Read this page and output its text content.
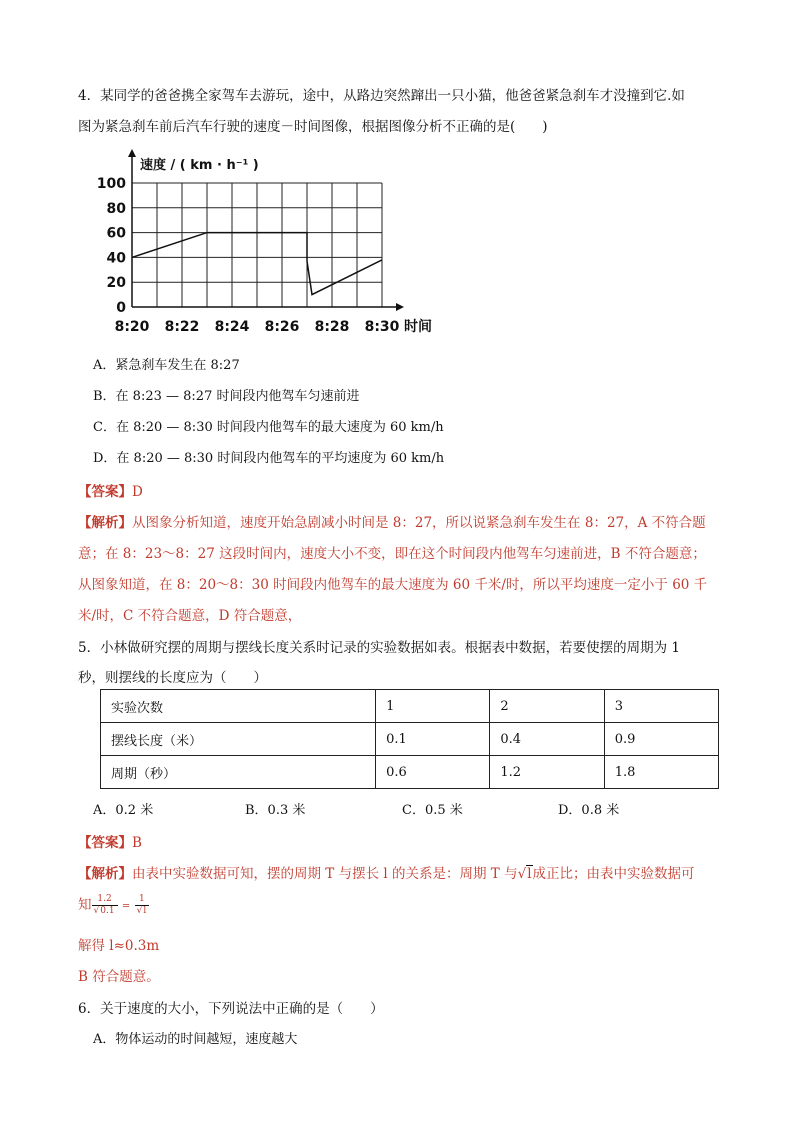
4．某同学的爸爸携全家驾车去游玩，途中，从路边突然蹿出一只小猫，他爸爸紧急刹车才没撞到它.如
图为紧急刹车前后汽车行驶的速度－时间图像，根据图像分析不正确的是(　　)
0
20
40
60
80
100
8:20 8:22 8:24 8:26 8:28 8:30
速度 / ( km · h⁻¹ )
时间
A．紧急刹车发生在 8:27
B．在 8:23 — 8:27 时间段内他驾车匀速前进
C．在 8:20 — 8:30 时间段内他驾车的最大速度为 60 km/h
D．在 8:20 — 8:30 时间段内他驾车的平均速度为 60 km/h
【答案】D
【解析】从图象分析知道，速度开始急剧减小时间是 8：27，所以说紧急刹车发生在 8：27，A 不符合题
意；在 8：23～8：27 这段时间内，速度大小不变，即在这个时间段内他驾车匀速前进，B 不符合题意；
从图象知道，在 8：20～8：30 时间段内他驾车的最大速度为 60 千米/时，所以平均速度一定小于 60 千
米/时，C 不符合题意，D 符合题意，
5．小林做研究摆的周期与摆线长度关系时记录的实验数据如表。根据表中数据，若要使摆的周期为 1
秒，则摆线的长度应为（　　）
实验次数	1	2	3
摆线长度（米）	0.1	0.4	0.9
周期（秒）	0.6	1.2	1.8
A．0.2 米	B．0.3 米	C．0.5 米	D．0.8 米
【答案】B
【解析】由表中实验数据可知，摆的周期 T 与摆长 l 的关系是：周期 T 与√l成正比；由表中实验数据可
知 $\frac{1.2}{√0.1} = \frac{1}{√l}$
解得 l≈0.3m
B 符合题意。
6．关于速度的大小，下列说法中正确的是（　　）
A．物体运动的时间越短，速度越大
